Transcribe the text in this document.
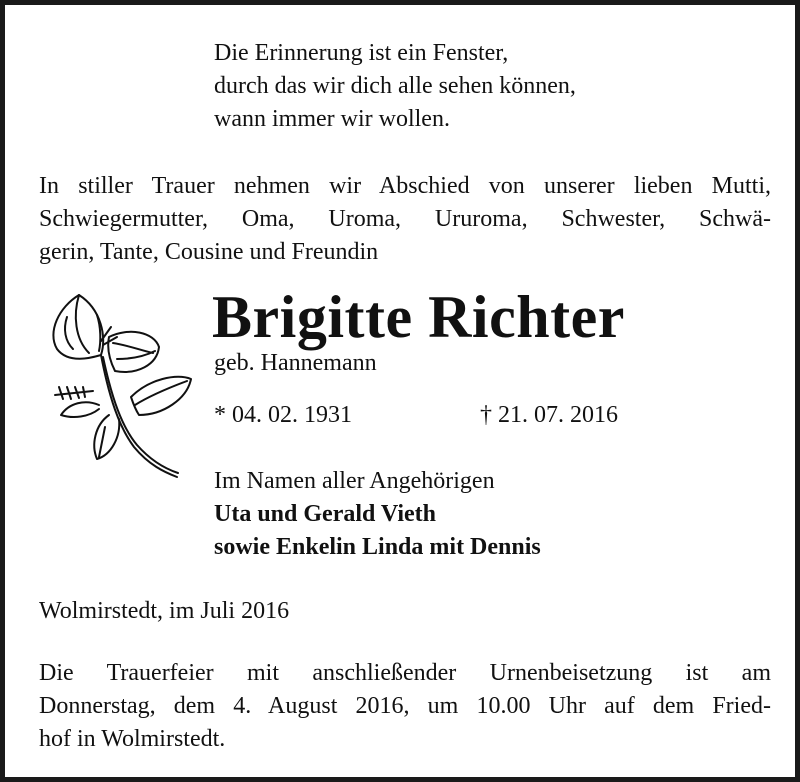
Die Erinnerung ist ein Fenster,
durch das wir dich alle sehen können,
wann immer wir wollen.
In stiller Trauer nehmen wir Abschied von unserer lieben Mutti,
Schwiegermutter, Oma, Uroma, Ururoma, Schwester, Schwä-
gerin, Tante, Cousine und Freundin
Brigitte Richter
geb. Hannemann
* 04. 02. 1931	† 21. 07. 2016
Im Namen aller Angehörigen
Uta und Gerald Vieth
sowie Enkelin Linda mit Dennis
Wolmirstedt, im Juli 2016
Die Trauerfeier mit anschließender Urnenbeisetzung ist am
Donnerstag, dem 4. August 2016, um 10.00 Uhr auf dem Fried-
hof in Wolmirstedt.
